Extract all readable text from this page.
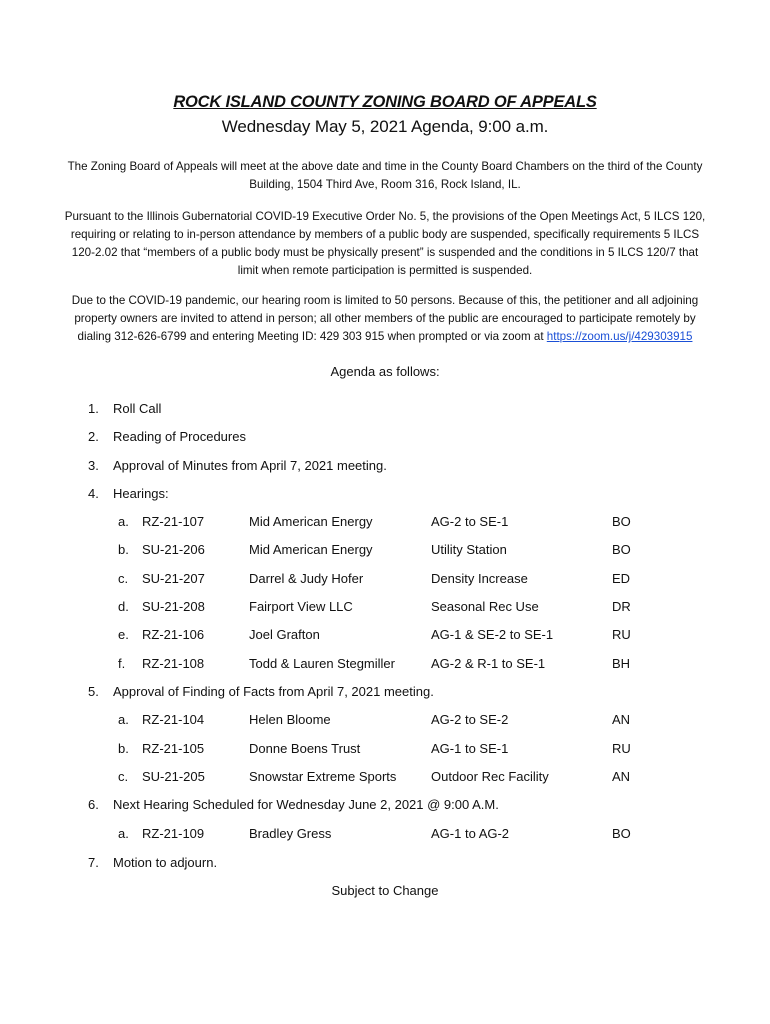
ROCK ISLAND COUNTY ZONING BOARD OF APPEALS
Wednesday May 5, 2021 Agenda, 9:00 a.m.
The Zoning Board of Appeals will meet at the above date and time in the County Board Chambers on the third of the County Building, 1504 Third Ave, Room 316, Rock Island, IL.
Pursuant to the Illinois Gubernatorial COVID-19 Executive Order No. 5, the provisions of the Open Meetings Act, 5 ILCS 120, requiring or relating to in-person attendance by members of a public body are suspended, specifically requirements 5 ILCS 120-2.02 that “members of a public body must be physically present” is suspended and the conditions in 5 ILCS 120/7 that limit when remote participation is permitted is suspended.
Due to the COVID-19 pandemic, our hearing room is limited to 50 persons. Because of this, the petitioner and all adjoining property owners are invited to attend in person; all other members of the public are encouraged to participate remotely by dialing 312-626-6799 and entering Meeting ID: 429 303 915 when prompted or via zoom at https://zoom.us/j/429303915
Agenda as follows:
1. Roll Call
2. Reading of Procedures
3. Approval of Minutes from April 7, 2021 meeting.
4. Hearings:
a. RZ-21-107	Mid American Energy	AG-2 to SE-1	BO
b. SU-21-206	Mid American Energy	Utility Station	BO
c. SU-21-207	Darrel & Judy Hofer	Density Increase	ED
d. SU-21-208	Fairport View LLC	Seasonal Rec Use	DR
e. RZ-21-106	Joel Grafton	AG-1 & SE-2 to SE-1	RU
f. RZ-21-108	Todd & Lauren Stegmiller	AG-2 & R-1 to SE-1	BH
5. Approval of Finding of Facts from April 7, 2021 meeting.
a. RZ-21-104	Helen Bloome	AG-2 to SE-2	AN
b. RZ-21-105	Donne Boens Trust	AG-1 to SE-1	RU
c. SU-21-205	Snowstar Extreme Sports	Outdoor Rec Facility	AN
6. Next Hearing Scheduled for Wednesday June 2, 2021 @ 9:00 A.M.
a. RZ-21-109	Bradley Gress	AG-1 to AG-2	BO
7. Motion to adjourn.
Subject to Change
